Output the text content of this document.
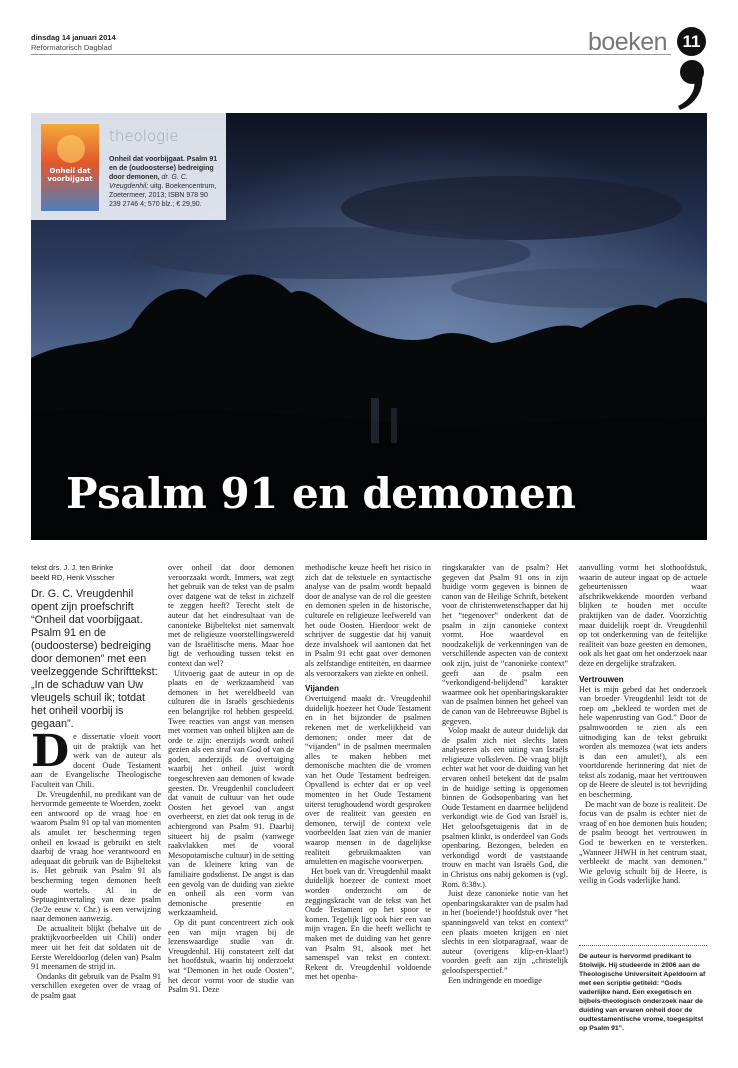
dinsdag 14 januari 2014
Reformatorisch Dagblad	boeken 11
Psalm 91 en demonen
Onheil dat voorbijgaat
theologie
Onheil dat voorbijgaat. Psalm 91 en de (oudoosterse) bedreiging door demonen, dr. G. C. Vreugdenhil; uitg. Boekencentrum, Zoetermeer, 2013; ISBN 978 90 239 2746 4; 570 blz.; € 29,90.
tekst drs. J. J. ten Brinke
beeld RD, Henk Visscher
Dr. G. C. Vreugdenhil opent zijn proefschrift “Onheil dat voorbijgaat. Psalm 91 en de (oudoosterse) bedreiging door demonen” met een veelzeggende Schrifttekst: „In de schaduw van Uw vleugels schuil ik; totdat het onheil voorbij is gegaan”.
D e dissertatie vloeit voort uit de praktijk van het werk van de auteur als docent Oude Testament aan de Evangelische Theologische Faculteit van Chili.

Dr. Vreugdenhil, nu predikant van de hervormde gemeente te Woerden, zoekt een antwoord op de vraag hoe en waarom Psalm 91 op tal van momenten als amulet ter bescherming tegen onheil en kwaad is gebruikt en stelt daarbij de vraag hoe verantwoord en adequaat dit gebruik van de Bijbeltekst is. Het gebruik van Psalm 91 als bescherming tegen demonen heeft oude wortels. Al in de Septuagintvertaling van deze psalm (3e/2e eeuw v. Chr.) is een verwijzing naar demonen aanwezig.

De actualiteit blijkt (behalve uit de praktijkvoorbeelden uit Chili) onder meer uit het feit dat soldaten uit de Eerste Wereldoorlog (delen van) Psalm 91 meenamen de strijd in.

Ondanks dit gebruik van de Psalm 91 verschillen exegeten over de vraag of de psalm gaat

over onheil dat door demonen veroorzaakt wordt. Immers, wat zegt het gebruik van de tekst van de psalm over datgene wat de tekst in zichzelf te zeggen heeft? Terecht stelt de auteur dat het eindresultaat van de canonieke Bijbeltekst niet samenvalt met de religieuze voorstellingswereld van de Israëlitische mens. Maar hoe ligt de verhouding tussen tekst en context dan wel?

Uitvoerig gaat de auteur in op de plaats en de werkzaamheid van demonen in het wereldbeeld van culturen die in Israëls geschiedenis een belangrijke rol hebben gespeeld. Twee reacties van angst van mensen met vormen van onheil blijken aan de orde te zijn: enerzijds wordt onheil gezien als een straf van God of van de goden, anderzijds de overtuiging waarbij het onheil juist wordt toegeschreven aan demonen of kwade geesten. Dr. Vreugdenhil concludeert dat vanuit de cultuur van het oude Oosten het gevoel van angst overheerst, en ziet dat ook terug in de achtergrond van Psalm 91. Daarbij situeert hij de psalm (vanwege raakvlakken met de vooral Mesopotamische cultuur) in de setting van de kleinere kring van de familiaire godsdienst. De angst is dan een gevolg van de duiding van ziekte en onheil als een vorm van demonische presentie en werkzaamheid.

Op dit punt concentreert zich ook een van mijn vragen bij de lezenswaardige studie van dr. Vreugdenhil. Hij constateert zelf dat het hoofdstuk, waarin hij onderzoekt wat “Demonen in het oude Oosten”, het decor vormt voor de studie van Psalm 91. Deze

methodische keuze heeft het risico in zich dat de tekstuele en syntactische analyse van de psalm wordt bepaald door de analyse van de rol die geesten en demonen spelen in de historische, culturele en religieuze leefwereld van het oude Oosten. Hierdoor wekt de schrijver de suggestie dat hij vanuit deze invalshoek wil aantonen dat het in Psalm 91 echt gaat over demonen als zelfstandige entiteiten, en daarmee als veroorzakers van ziekte en onheil.

Vijanden

Overtuigend maakt dr. Vreugdenhil duidelijk hoezeer het Oude Testament en in het bijzonder de psalmen rekenen met de werkelijkheid van demonen; onder meer dat de “vijanden” in de psalmen meermalen alles te maken hebben met demonische machten die de vromen van het Oude Testament bedreigen. Opvallend is echter dat er op veel momenten in het Oude Testament uiterst terughoudend wordt gesproken over de realiteit van geesten en demonen, terwijl de context vele voorbeelden laat zien van de manier waarop mensen in de dagelijkse realiteit gebruikmaakten van amuletten en magische voorwerpen.

Het boek van dr. Vreugdenhil maakt duidelijk hoezeer de context moet worden onderzocht om de zeggingskracht van de tekst van het Oude Testament op het spoor te komen. Tegelijk ligt ook hier een van mijn vragen. En die heeft wellicht te maken met de duiding van het genre van Psalm 91, alsook met het samenspel van tekst en context. Rekent dr. Vreugdenhil voldoende met het openba-

ringskarakter van de psalm? Het gegeven dat Psalm 91 ons in zijn huidige vorm gegeven is binnen de canon van de Heilige Schrift, betekent voor de christenwetenschapper dat hij het “tegenover” onderkent dat de psalm in zijn canonieke context vormt. Hoe waardevol en noodzakelijk de verkenningen van de verschillende aspecten van de context ook zijn, juist de “canonieke context” geeft aan de psalm een “verkondigend-belijdend” karakter waarmee ook het openbaringskarakter van de psalmen binnen het geheel van de canon van de Hebreeuwse Bijbel is gegeven.

Volop maakt de auteur duidelijk dat de psalm zich niet slechts laten analyseren als een uiting van Israëls religieuze volksleven. De vraag blijft echter wat het voor de duiding van het ervaren onheil betekent dat de psalm in de huidige setting is opgenomen binnen de Godsopenbaring van het Oude Testament en daarmee belijdend verkondigt wie de God van Israël is. Het geloofsgetuigenis dat in de psalmen klinkt, is onderdeel van Gods openbaring. Bezongen, beleden en verkondigd wordt de vaststaande trouw en macht van Israëls God, die in Christus ons nabij gekomen is (vgl. Rom. 8:38v.).

Juist deze canonieke notie van het openbaringskarakter van de psalm had in het (boeiende!) hoofdstuk over “het spanningsveld van tekst en context” een plaats moeten krijgen en niet slechts in een slotparagraaf, waar de auteur (overigens klip-en-klaar!) voorden geeft aan zijn „christelijk geloofsperspectief.”

Een indringende en moedige

aanvulling vormt het slothoofdstuk, waarin de auteur ingaat op de actuele gebeurtenissen waar afschrikwekkende moorden verband blijken te houden met occulte praktijken van de dader. Voorzichtig maar duidelijk roept dr. Vreugdenhil op tot onderkenning van de feitelijke realiteit van boze geesten en demonen, ook als het gaat om het onderzoek naar deze en dergelijke strafzaken.

Vertrouwen

Het is mijn gebed dat het onderzoek van broeder Vreugdenhil leidt tot de roep om „bekleed te worden met de hele wapenrusting van God.” Door de psalmwoorden te zien als een uitnodiging kan de tekst gebruikt worden als memozea (wat iets anders is dan een amulet!), als een voortdurende herinnering dat niet de tekst als zodanig, maar het vertrouwen op de Heere de sleutel is tot bevrijding en bescherming.

De macht van de boze is realiteit. De focus van de psalm is echter niet de vraag of en hoe demonen huis houden; de psalm beoogt het vertrouwen in God te bewerken en te versterken. „Wanneer JHWH in het centrum staat, verbleekt de macht van demonen.” Wie gelovig schuilt bij de Heere, is veilig in Gods vaderlijke hand.

De auteur is hervormd predikant te Stolwijk. Hij studeerde in 2006 aan de Theologische Universiteit Apeldoorn af met een scriptie getiteld: “Gods vaderlijke hand. Een exegetisch en bijbels-theologisch onderzoek naar de duiding van ervaren onheil door de oudtestamentische vrome, toegespitst op Psalm 91”.
